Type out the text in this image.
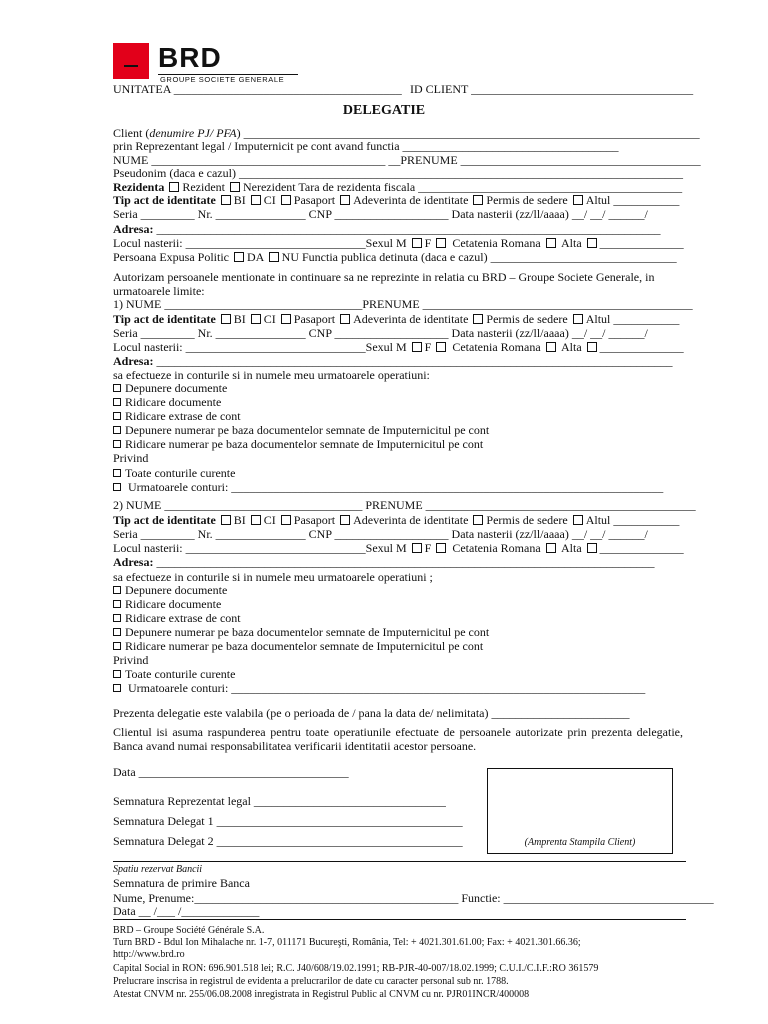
BRD
GROUPE SOCIETE GENERALE
UNITATEA ______________________________________ ID CLIENT _____________________________________
DELEGATIE
Client (denumire PJ/ PFA) ____________________________________________________________________________
prin Reprezentant legal / Imputernicit pe cont avand functia ____________________________________
NUME _______________________________________ __PRENUME ________________________________________
Pseudonim (daca e cazul) __________________________________________________________________________
Rezidenta Rezident Nerezident Tara de rezidenta fiscala ____________________________________________
Tip act de identitate BI CI Pasaport Adeverinta de identitate Permis de sedere Altul ___________
Seria _________ Nr. _______________ CNP ___________________ Data nasterii (zz/ll/aaaa) __/ __/ ______/
Adresa: ____________________________________________________________________________________
Locul nasterii: ______________________________Sexul M F Cetatenia Romana Alta ______________
Persoana Expusa Politic DA NU Functia publica detinuta (daca e cazul) _______________________________
Autorizam persoanele mentionate in continuare sa ne reprezinte in relatia cu BRD – Groupe Societe Generale, in
urmatoarele limite:
1) NUME _________________________________PRENUME _____________________________________________
Tip act de identitate BI CI Pasaport Adeverinta de identitate Permis de sedere Altul ___________
Seria _________ Nr. _______________ CNP ___________________ Data nasterii (zz/ll/aaaa) __/ __/ ______/
Locul nasterii: ______________________________Sexul M F Cetatenia Romana Alta ______________
Adresa: ______________________________________________________________________________________
sa efectueze in conturile si in numele meu urmatoarele operatiuni:
Depunere documente
Ridicare documente
Ridicare extrase de cont
Depunere numerar pe baza documentelor semnate de Imputernicitul pe cont
Ridicare numerar pe baza documentelor semnate de Imputernicitul pe cont
Privind
Toate conturile curente
Urmatoarele conturi: ________________________________________________________________________
2) NUME _________________________________ PRENUME _____________________________________________
Tip act de identitate BI CI Pasaport Adeverinta de identitate Permis de sedere Altul ___________
Seria _________ Nr. _______________ CNP ___________________ Data nasterii (zz/ll/aaaa) __/ __/ ______/
Locul nasterii: ______________________________Sexul M F Cetatenia Romana Alta ______________
Adresa: ___________________________________________________________________________________
sa efectueze in conturile si in numele meu urmatoarele operatiuni ;
Depunere documente
Ridicare documente
Ridicare extrase de cont
Depunere numerar pe baza documentelor semnate de Imputernicitul pe cont
Ridicare numerar pe baza documentelor semnate de Imputernicitul pe cont
Privind
Toate conturile curente
Urmatoarele conturi: _____________________________________________________________________
Prezenta delegatie este valabila (pe o perioada de / pana la data de/ nelimitata) _______________________
Clientul isi asuma raspunderea pentru toate operatiunile efectuate de persoanele autorizate prin prezenta delegatie, Banca avand numai responsabilitatea verificarii identitatii acestor persoane.
Data ___________________________________
Semnatura Reprezentat legal ________________________________
Semnatura Delegat 1 _________________________________________
Semnatura Delegat 2 _________________________________________	(Amprenta Stampila Client)
Spatiu rezervat Bancii
Semnatura de primire Banca
Nume, Prenume:____________________________________________ Functie: ___________________________________
Data __ /___ /_____________
BRD – Groupe Société Générale S.A.
Turn BRD - Bdul Ion Mihalache nr. 1-7, 011171 Bucureşti, România, Tel: + 4021.301.61.00; Fax: + 4021.301.66.36;
http://www.brd.ro
Capital Social in RON: 696.901.518 lei; R.C. J40/608/19.02.1991; RB-PJR-40-007/18.02.1999; C.U.I./C.I.F.:RO 361579
Prelucrare inscrisa in registrul de evidenta a prelucrarilor de date cu caracter personal sub nr. 1788.
Atestat CNVM nr. 255/06.08.2008 inregistrata in Registrul Public al CNVM cu nr. PJR01INCR/400008
